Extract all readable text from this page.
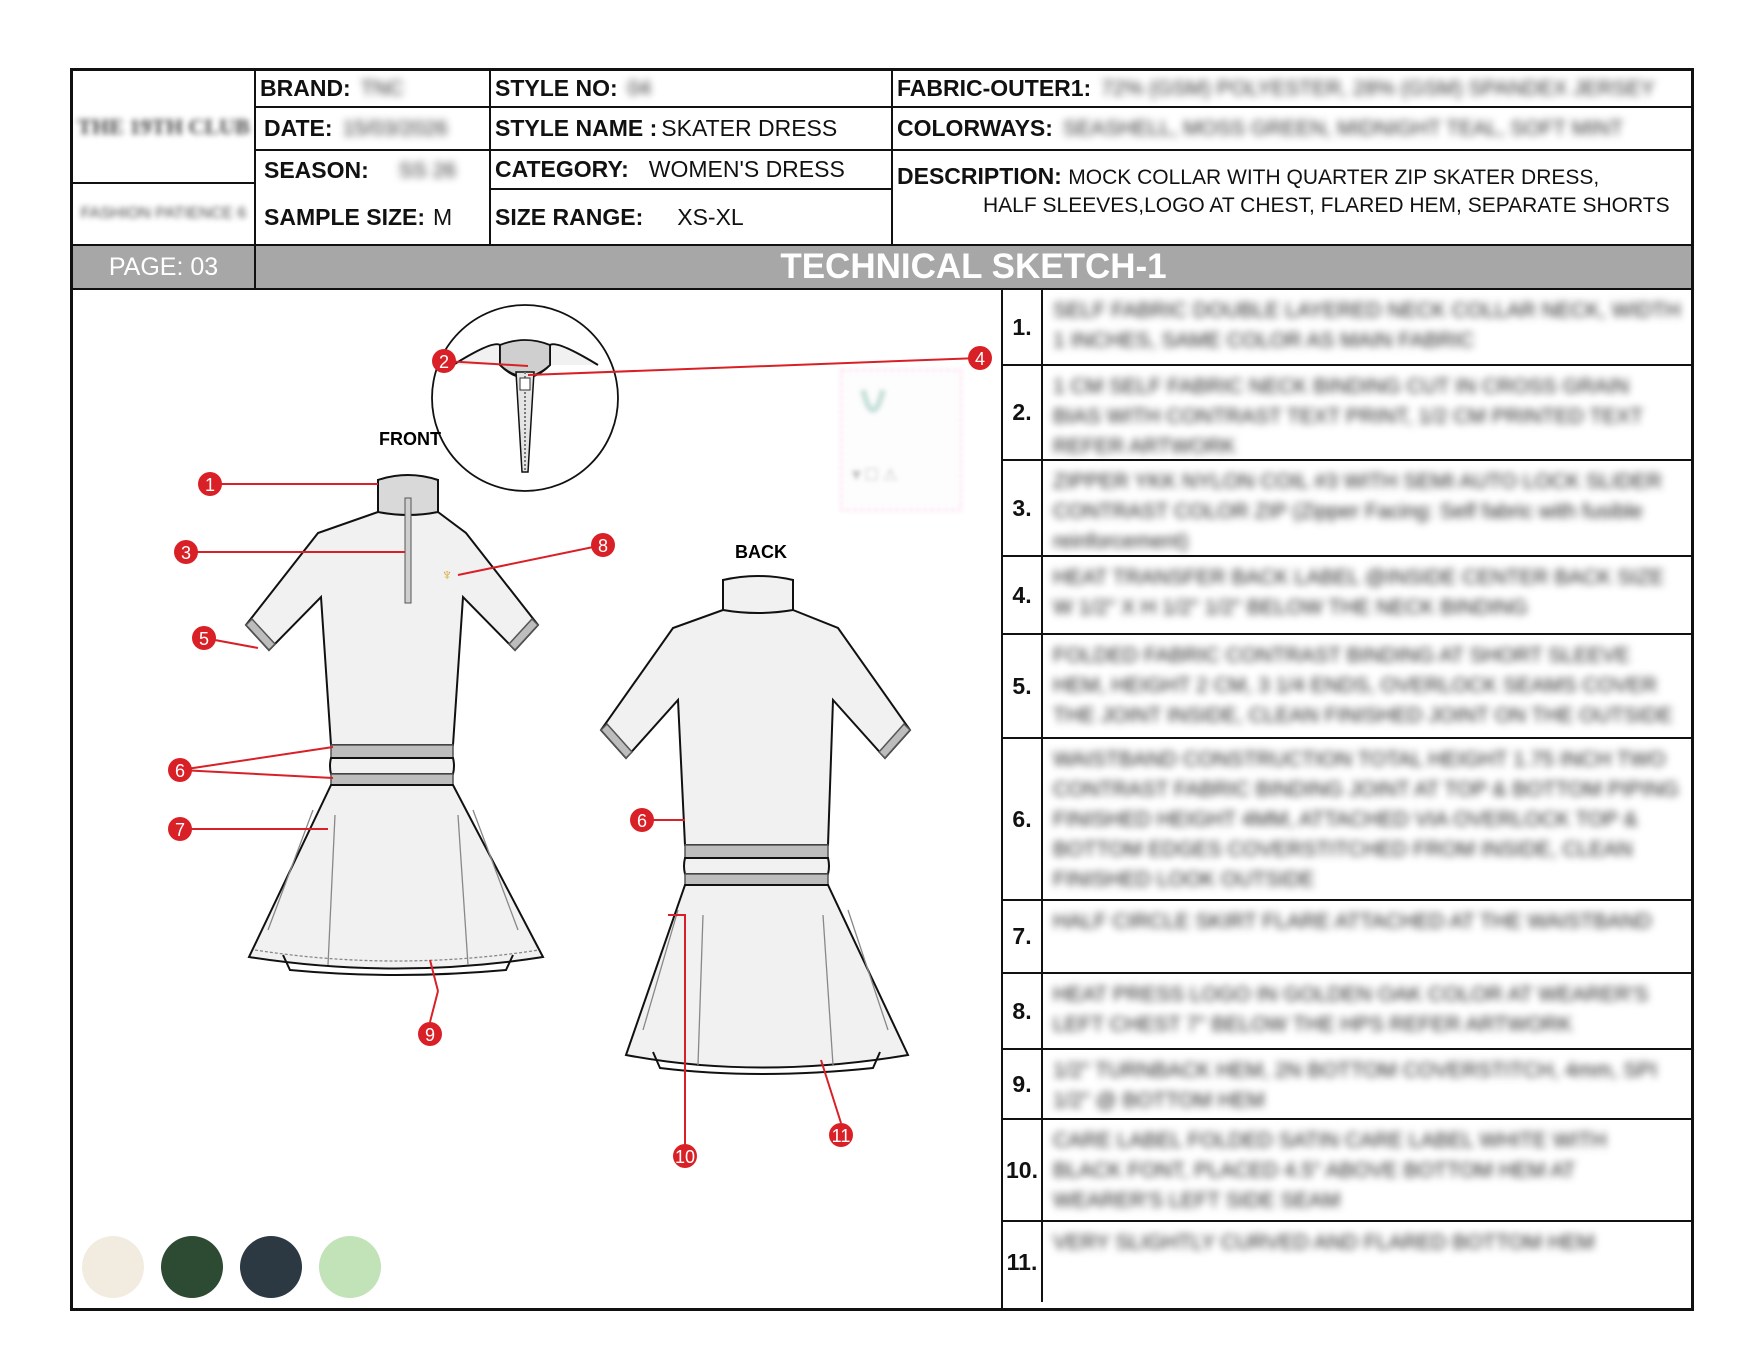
THE 19TH CLUB
FASHION PATIENCE 6
BRAND: TNC
DATE: 15/03/2026
SEASON: SS 26
SAMPLE SIZE: M
STYLE NO: 04
STYLE NAME : SKATER DRESS
CATEGORY: WOMEN'S DRESS
SIZE RANGE: XS-XL
FABRIC-OUTER1: 72% (GSM) POLYESTER, 28% (GSM) SPANDEX JERSEY
COLORWAYS: SEASHELL, MOSS GREEN, MIDNIGHT TEAL, SOFT MINT
DESCRIPTION: MOCK COLLAR WITH QUARTER ZIP SKATER DRESS,
HALF SLEEVES,LOGO AT CHEST, FLARED HEM, SEPARATE SHORTS
PAGE: 03	TECHNICAL SKETCH-1
▼☐ ⚠
FRONT
♆
BACK
1
2
3
4
5
6
6
7
8
9
10
11
1.
SELF FABRIC DOUBLE LAYERED NECK COLLAR NECK, WIDTH 1 INCHES, SAME COLOR AS MAIN FABRIC
2.
1 CM SELF FABRIC NECK BINDING CUT IN CROSS GRAIN BIAS WITH CONTRAST TEXT PRINT, 1/2 CM PRINTED TEXT REFER ARTWORK
3.
ZIPPER YKK NYLON COIL #3 WITH SEMI AUTO LOCK SLIDER CONTRAST COLOR ZIP (Zipper Facing: Self fabric with fusible reinforcement)
4.
HEAT TRANSFER BACK LABEL @INSIDE CENTER BACK SIZE W 1/2" X H 1/2" 1/2" BELOW THE NECK BINDING
5.
FOLDED FABRIC CONTRAST BINDING AT SHORT SLEEVE HEM, HEIGHT 2 CM, 3 1/4 ENDS, OVERLOCK SEAMS COVER THE JOINT INSIDE, CLEAN FINISHED JOINT ON THE OUTSIDE
6.
WAISTBAND CONSTRUCTION TOTAL HEIGHT 1.75 INCH TWO CONTRAST FABRIC BINDING JOINT AT TOP & BOTTOM PIPING FINISHED HEIGHT 4MM, ATTACHED VIA OVERLOCK TOP & BOTTOM EDGES COVERSTITCHED FROM INSIDE, CLEAN FINISHED LOOK OUTSIDE
7.
HALF CIRCLE SKIRT FLARE ATTACHED AT THE WAISTBAND
8.
HEAT PRESS LOGO IN GOLDEN OAK COLOR AT WEARER'S LEFT CHEST 7" BELOW THE HPS REFER ARTWORK
9.	1/2" TURNBACK HEM, 2N BOTTOM COVERSTITCH, 4mm, SPI 1/2" @ BOTTOM HEM
10.
CARE LABEL FOLDED SATIN CARE LABEL WHITE WITH BLACK FONT, PLACED 4.5" ABOVE BOTTOM HEM AT WEARER'S LEFT SIDE SEAM
11.
VERY SLIGHTLY CURVED AND FLARED BOTTOM HEM
